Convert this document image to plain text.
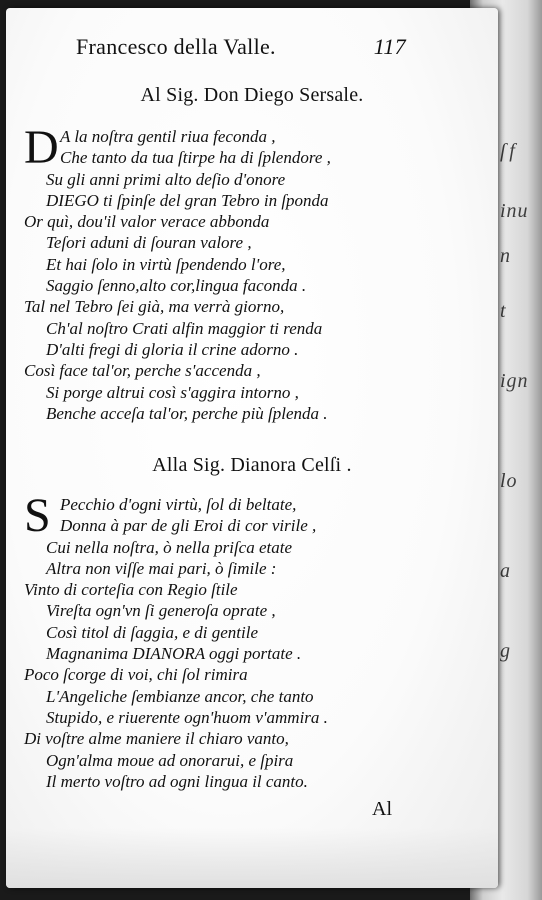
ſ f
inu
n
t
ign
lo
a
g
Francesco della Valle.	117
Al Sig. Don Diego Sersale.
D A la noſtra gentil riua feconda ,
Che tanto da tua ſtirpe ha di ſplendore ,
Su gli anni primi alto deſio d'onore
DIEGO ti ſpinſe del gran Tebro in ſponda
Or quì, dou'il valor verace abbonda
Teſori aduni di ſouran valore ,
Et hai ſolo in virtù ſpendendo l'ore,
Saggio ſenno,alto cor,lingua faconda .
Tal nel Tebro ſei già, ma verrà giorno,
Ch'al noſtro Crati alfin maggior ti renda
D'alti fregi di gloria il crine adorno .
Così face tal'or, perche s'accenda ,
Si porge altrui così s'aggira intorno ,
Benche acceſa tal'or, perche più ſplenda .
Alla Sig. Dianora Celſi .
S Pecchio d'ogni virtù, ſol di beltate,
Donna à par de gli Eroi di cor virile ,
Cui nella noſtra, ò nella priſca etate
Altra non viſſe mai pari, ò ſimile :
Vinto di corteſia con Regio ſtile
Vireſta ogn'vn ſi generoſa oprate ,
Così titol di ſaggia, e di gentile
Magnanima DIANORA oggi portate .
Poco ſcorge di voi, chi ſol rimira
L'Angeliche ſembianze ancor, che tanto
Stupido, e riuerente ogn'huom v'ammira .
Di voſtre alme maniere il chiaro vanto,
Ogn'alma moue ad onorarui, e ſpira
Il merto voſtro ad ogni lingua il canto.
Al
